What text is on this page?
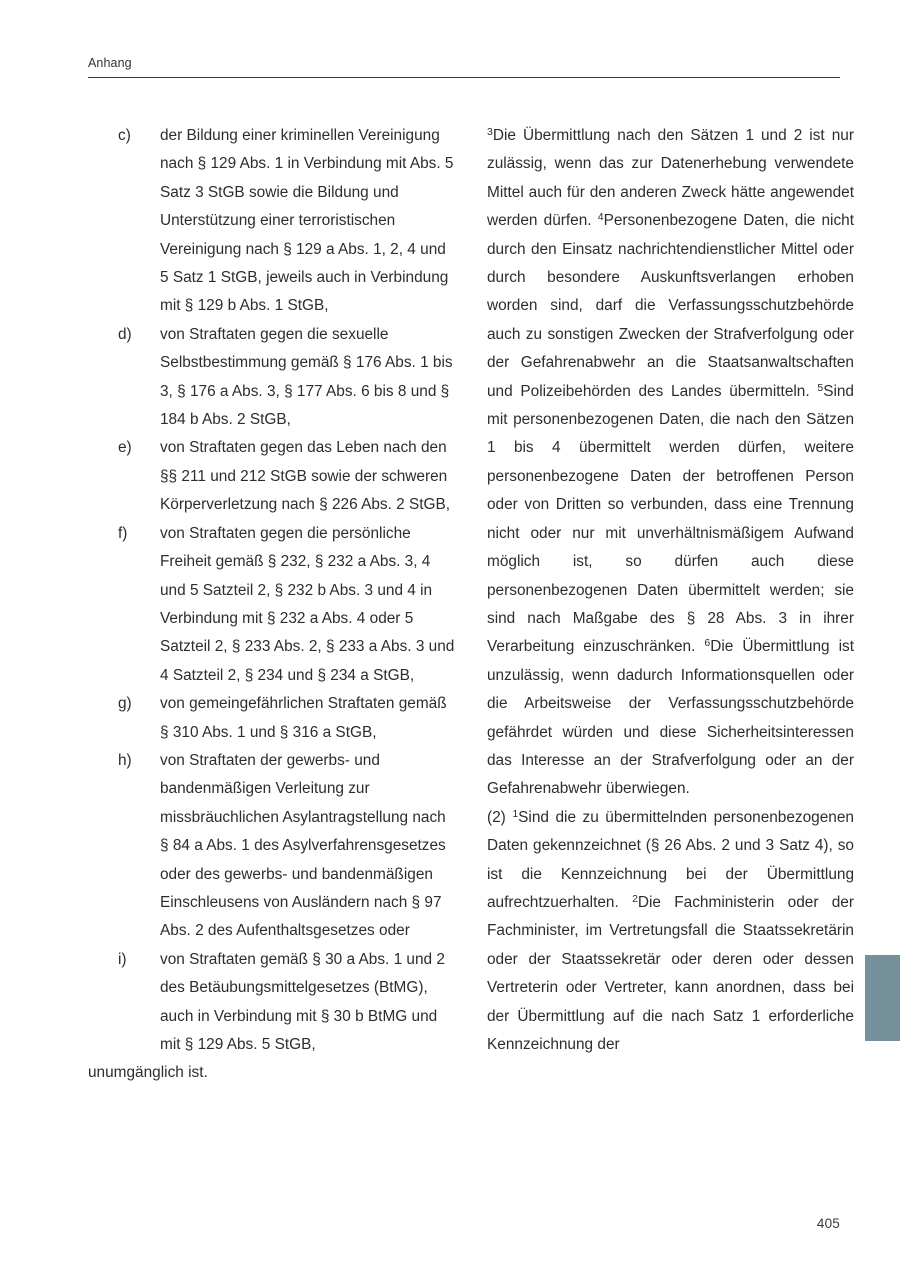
Anhang
c)	der Bildung einer kriminellen Vereinigung nach § 129 Abs. 1 in Verbindung mit Abs. 5 Satz 3 StGB sowie die Bildung und Unterstützung einer terroristischen Vereinigung nach § 129 a Abs. 1, 2, 4 und 5 Satz 1 StGB, jeweils auch in Verbindung mit § 129 b Abs. 1 StGB,
d)	von Straftaten gegen die sexuelle Selbstbestimmung gemäß § 176 Abs. 1 bis 3, § 176 a Abs. 3, § 177 Abs. 6 bis 8 und § 184 b Abs. 2 StGB,
e)	von Straftaten gegen das Leben nach den §§ 211 und 212 StGB sowie der schweren Körperverletzung nach § 226 Abs. 2 StGB,
f)	von Straftaten gegen die persönliche Freiheit gemäß § 232, § 232 a Abs. 3, 4 und 5 Satzteil 2, § 232 b Abs. 3 und 4 in Verbindung mit § 232 a Abs. 4 oder 5 Satzteil 2, § 233 Abs. 2, § 233 a Abs. 3 und 4 Satzteil 2, § 234 und § 234 a StGB,
g)	von gemeingefährlichen Straftaten gemäß § 310 Abs. 1 und § 316 a StGB,
h)	von Straftaten der gewerbs- und bandenmäßigen Verleitung zur missbräuchlichen Asylantragstellung nach § 84 a Abs. 1 des Asylverfahrensgesetzes oder des gewerbs- und bandenmäßigen Einschleusens von Ausländern nach § 97 Abs. 2 des Aufenthaltsgesetzes oder
i)	von Straftaten gemäß § 30 a Abs. 1 und 2 des Betäubungsmittelgesetzes (BtMG), auch in Verbindung mit § 30 b BtMG und mit § 129 Abs. 5 StGB,

unumgänglich ist.

$^3$Die Übermittlung nach den Sätzen 1 und 2 ist nur zulässig, wenn das zur Datenerhebung verwendete Mittel auch für den anderen Zweck hätte angewendet werden dürfen. $^4$Personenbezogene Daten, die nicht durch den Einsatz nachrichtendienstlicher Mittel oder durch besondere Auskunftsverlangen erhoben worden sind, darf die Verfassungsschutzbehörde auch zu sonstigen Zwecken der Strafverfolgung oder der Gefahrenabwehr an die Staatsanwaltschaften und Polizeibehörden des Landes übermitteln. $^5$Sind mit personenbezogenen Daten, die nach den Sätzen 1 bis 4 übermittelt werden dürfen, weitere personenbezogene Daten der betroffenen Person oder von Dritten so verbunden, dass eine Trennung nicht oder nur mit unverhältnismäßigem Aufwand möglich ist, so dürfen auch diese personenbezogenen Daten übermittelt werden; sie sind nach Maßgabe des § 28 Abs. 3 in ihrer Verarbeitung einzuschränken. $^6$Die Übermittlung ist unzulässig, wenn dadurch Informationsquellen oder die Arbeitsweise der Verfassungsschutzbehörde gefährdet würden und diese Sicherheitsinteressen das Interesse an der Strafverfolgung oder an der Gefahrenabwehr überwiegen.

(2) $^1$Sind die zu übermittelnden personenbezogenen Daten gekennzeichnet (§ 26 Abs. 2 und 3 Satz 4), so ist die Kennzeichnung bei der Übermittlung aufrechtzuerhalten. $^2$Die Fachministerin oder der Fachminister, im Vertretungsfall die Staatssekretärin oder der Staatssekretär oder deren oder dessen Vertreterin oder Vertreter, kann anordnen, dass bei der Übermittlung auf die nach Satz 1 erforderliche Kennzeichnung der

405
